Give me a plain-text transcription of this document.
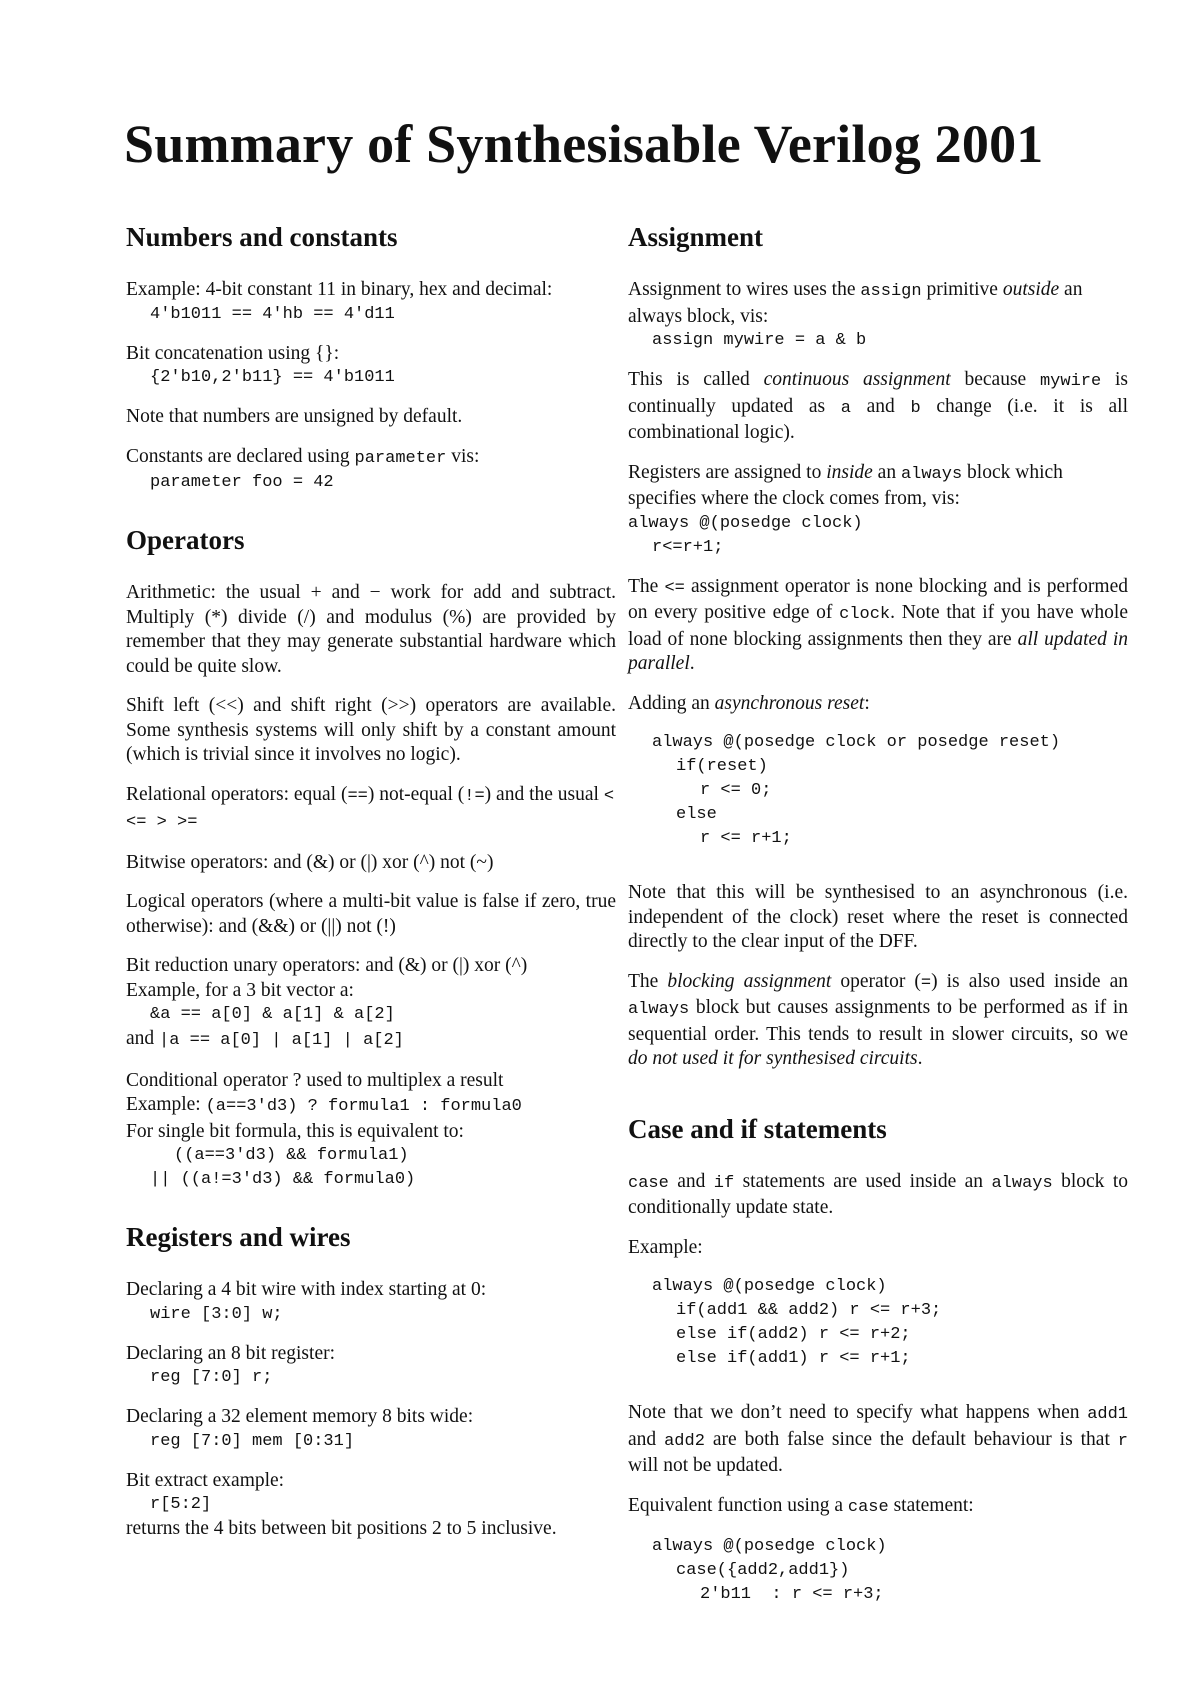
Summary of Synthesisable Verilog 2001
Numbers and constants

Example: 4-bit constant 11 in binary, hex and decimal:
4'b1011 == 4'hb == 4'd11

Bit concatenation using {}:
{2'b10,2'b11} == 4'b1011

Note that numbers are unsigned by default.

Constants are declared using parameter vis:
parameter foo = 42

Operators

Arithmetic: the usual + and − work for add and subtract. Multiply (*) divide (/) and modulus (%) are provided by remember that they may generate substantial hardware which could be quite slow.

Shift left (<<) and shift right (>>) operators are available. Some synthesis systems will only shift by a constant amount (which is trivial since it involves no logic).

Relational operators: equal (==) not-equal (!=) and the usual < <= > >=

Bitwise operators: and (&) or (|) xor (^) not (~)

Logical operators (where a multi-bit value is false if zero, true otherwise): and (&&) or (||) not (!)

Bit reduction unary operators: and (&) or (|) xor (^)
Example, for a 3 bit vector a:
&a == a[0] & a[1] & a[2]
and |a == a[0] | a[1] | a[2]

Conditional operator ? used to multiplex a result
Example: (a==3'd3) ? formula1 : formula0
For single bit formula, this is equivalent to:
((a==3'd3) && formula1)
|| ((a!=3'd3) && formula0)

Registers and wires

Declaring a 4 bit wire with index starting at 0:
wire [3:0] w;

Declaring an 8 bit register:
reg [7:0] r;

Declaring a 32 element memory 8 bits wide:
reg [7:0] mem [0:31]

Bit extract example:
r[5:2]
returns the 4 bits between bit positions 2 to 5 inclusive.

Assignment

Assignment to wires uses the assign primitive outside an always block, vis:
assign mywire = a & b

This is called continuous assignment because mywire is continually updated as a and b change (i.e. it is all combinational logic).

Registers are assigned to inside an always block which specifies where the clock comes from, vis:
always @(posedge clock)
r<=r+1;

The <= assignment operator is none blocking and is performed on every positive edge of clock. Note that if you have whole load of none blocking assignments then they are all updated in parallel.

Adding an asynchronous reset:

always @(posedge clock or posedge reset)
if(reset)
r <= 0;
else
r <= r+1;

Note that this will be synthesised to an asynchronous (i.e. independent of the clock) reset where the reset is connected directly to the clear input of the DFF.

The blocking assignment operator (=) is also used inside an always block but causes assignments to be performed as if in sequential order. This tends to result in slower circuits, so we do not used it for synthesised circuits.

Case and if statements

case and if statements are used inside an always block to conditionally update state.

Example:

always @(posedge clock)
if(add1 && add2) r <= r+3;
else if(add2) r <= r+2;
else if(add1) r <= r+1;

Note that we don’t need to specify what happens when add1 and add2 are both false since the default behaviour is that r will not be updated.

Equivalent function using a case statement:

always @(posedge clock)
case({add2,add1})
2'b11  : r <= r+3;
